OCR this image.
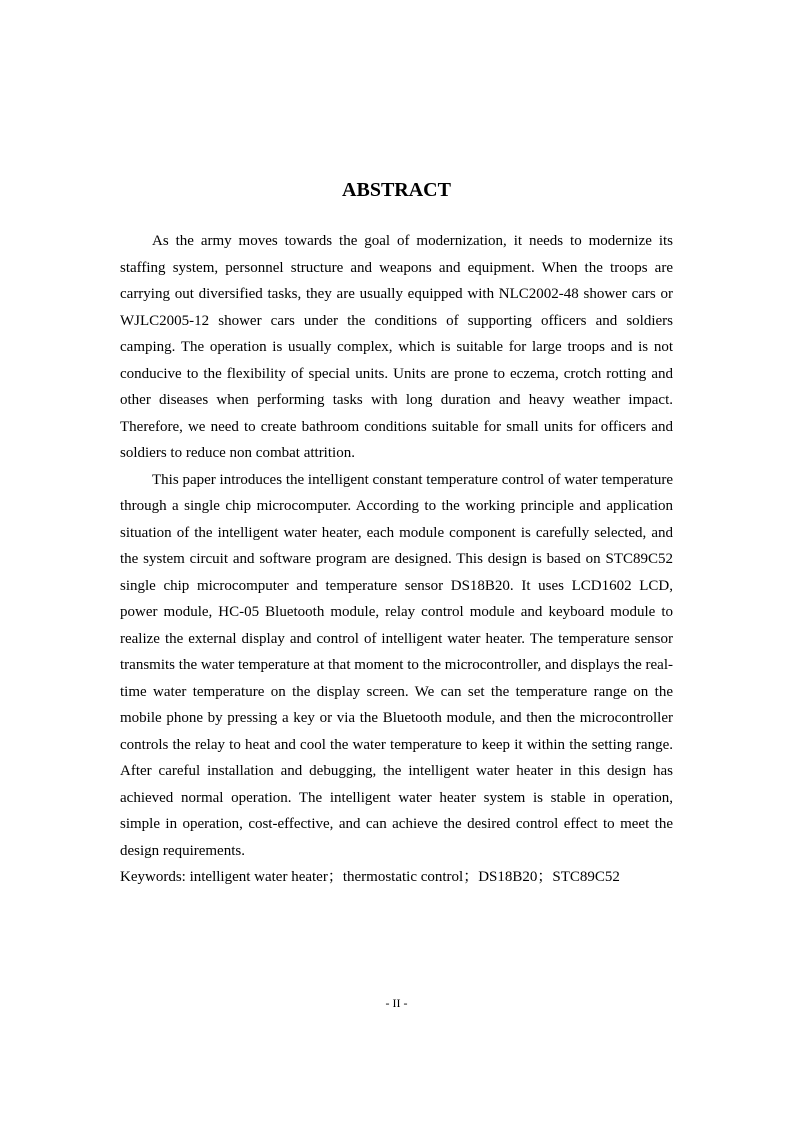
ABSTRACT

As the army moves towards the goal of modernization, it needs to modernize its staffing system, personnel structure and weapons and equipment. When the troops are carrying out diversified tasks, they are usually equipped with NLC2002-48 shower cars or WJLC2005-12 shower cars under the conditions of supporting officers and soldiers camping. The operation is usually complex, which is suitable for large troops and is not conducive to the flexibility of special units. Units are prone to eczema, crotch rotting and other diseases when performing tasks with long duration and heavy weather impact. Therefore, we need to create bathroom conditions suitable for small units for officers and soldiers to reduce non combat attrition.

This paper introduces the intelligent constant temperature control of water temperature through a single chip microcomputer. According to the working principle and application situation of the intelligent water heater, each module component is carefully selected, and the system circuit and software program are designed. This design is based on STC89C52 single chip microcomputer and temperature sensor DS18B20. It uses LCD1602 LCD, power module, HC-05 Bluetooth module, relay control module and keyboard module to realize the external display and control of intelligent water heater. The temperature sensor transmits the water temperature at that moment to the microcontroller, and displays the real-time water temperature on the display screen. We can set the temperature range on the mobile phone by pressing a key or via the Bluetooth module, and then the microcontroller controls the relay to heat and cool the water temperature to keep it within the setting range. After careful installation and debugging, the intelligent water heater in this design has achieved normal operation. The intelligent water heater system is stable in operation, simple in operation, cost-effective, and can achieve the desired control effect to meet the design requirements.

Keywords: intelligent water heater；thermostatic control；DS18B20；STC89C52

- II -
